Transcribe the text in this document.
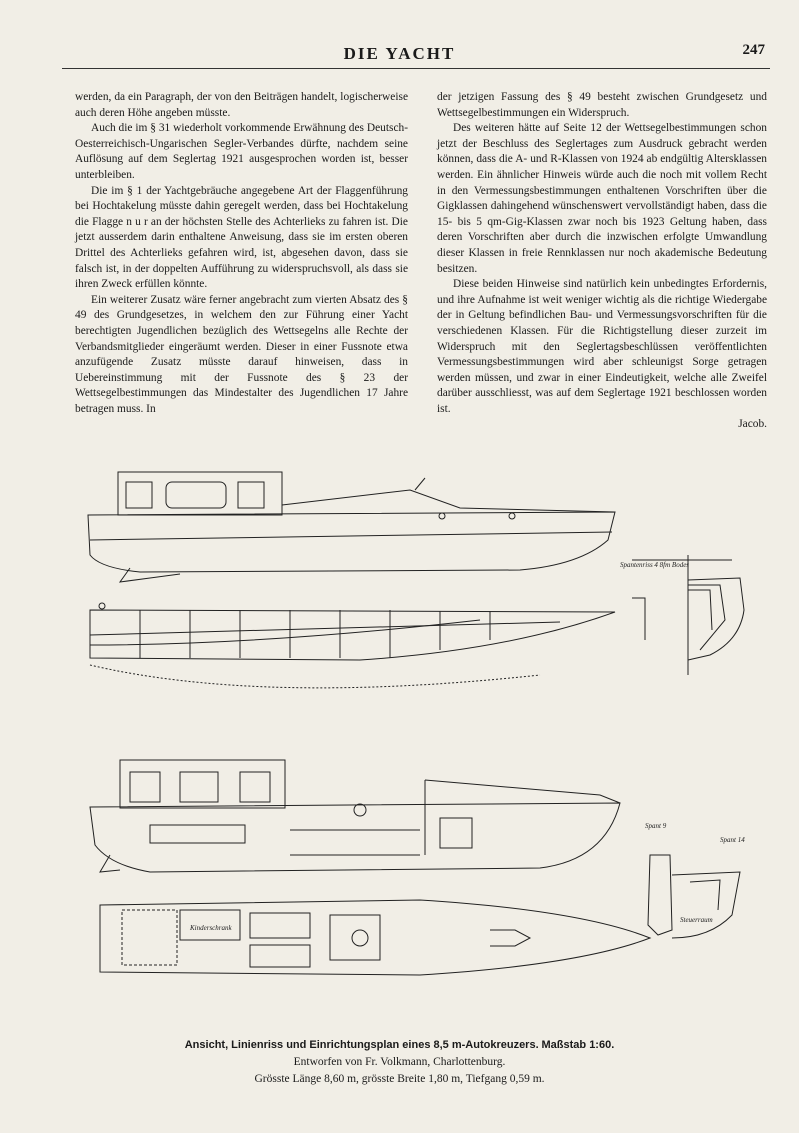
DIE YACHT	247

werden, da ein Paragraph, der von den Beiträgen handelt, logischerweise auch deren Höhe angeben müsste.

Auch die im § 31 wiederholt vorkommende Erwähnung des Deutsch-Oesterreichisch-Ungarischen Segler-Verbandes dürfte, nachdem seine Auflösung auf dem Seglertag 1921 ausgesprochen worden ist, besser unterbleiben.

Die im § 1 der Yachtgebräuche angegebene Art der Flaggenführung bei Hochtakelung müsste dahin geregelt werden, dass bei Hochtakelung die Flagge n u r an der höchsten Stelle des Achterlieks zu fahren ist. Die jetzt ausserdem darin enthaltene Anweisung, dass sie im ersten oberen Drittel des Achterlieks gefahren wird, ist, abgesehen davon, dass sie falsch ist, in der doppelten Aufführung zu widerspruchsvoll, als dass sie ihren Zweck erfüllen könnte.

Ein weiterer Zusatz wäre ferner angebracht zum vierten Absatz des § 49 des Grundgesetzes, in welchem den zur Führung einer Yacht berechtigten Jugendlichen bezüglich des Wettsegelns alle Rechte der Verbandsmitglieder eingeräumt werden. Dieser in einer Fussnote etwa anzufügende Zusatz müsste darauf hinweisen, dass in Uebereinstimmung mit der Fussnote des § 23 der Wettsegelbestimmungen das Mindestalter des Jugendlichen 17 Jahre betragen muss. In

der jetzigen Fassung des § 49 besteht zwischen Grundgesetz und Wettsegelbestimmungen ein Widerspruch.

Des weiteren hätte auf Seite 12 der Wettsegelbestimmungen schon jetzt der Beschluss des Seglertages zum Ausdruck gebracht werden können, dass die A- und R-Klassen von 1924 ab endgültig Altersklassen werden. Ein ähnlicher Hinweis würde auch die noch mit vollem Recht in den Vermessungsbestimmungen enthaltenen Vorschriften über die Gigklassen dahingehend wünschenswert vervollständigt haben, dass die 15- bis 5 qm-Gig-Klassen zwar noch bis 1923 Geltung haben, dass deren Vorschriften aber durch die inzwischen erfolgte Umwandlung dieser Klassen in freie Rennklassen nur noch akademische Bedeutung besitzen.

Diese beiden Hinweise sind natürlich kein unbedingtes Erfordernis, und ihre Aufnahme ist weit weniger wichtig als die richtige Wiedergabe der in Geltung befindlichen Bau- und Vermessungsvorschriften für die verschiedenen Klassen. Für die Richtigstellung dieser zurzeit im Widerspruch mit den Seglertagsbeschlüssen veröffentlichten Vermessungsbestimmungen wird aber schleunigst Sorge getragen werden müssen, und zwar in einer Eindeutigkeit, welche alle Zweifel darüber ausschliesst, was auf dem Seglertage 1921 beschlossen worden ist.

Jacob.
Spantenriss 4 8fm Bodes
Spant 9
Spant 14
Steuerraum
Kinderschrank
Ansicht, Linienriss und Einrichtungsplan eines 8,5 m-Autokreuzers. Maßstab 1:60.
Entworfen von Fr. Volkmann, Charlottenburg.
Grösste Länge 8,60 m, grösste Breite 1,80 m, Tiefgang 0,59 m.
